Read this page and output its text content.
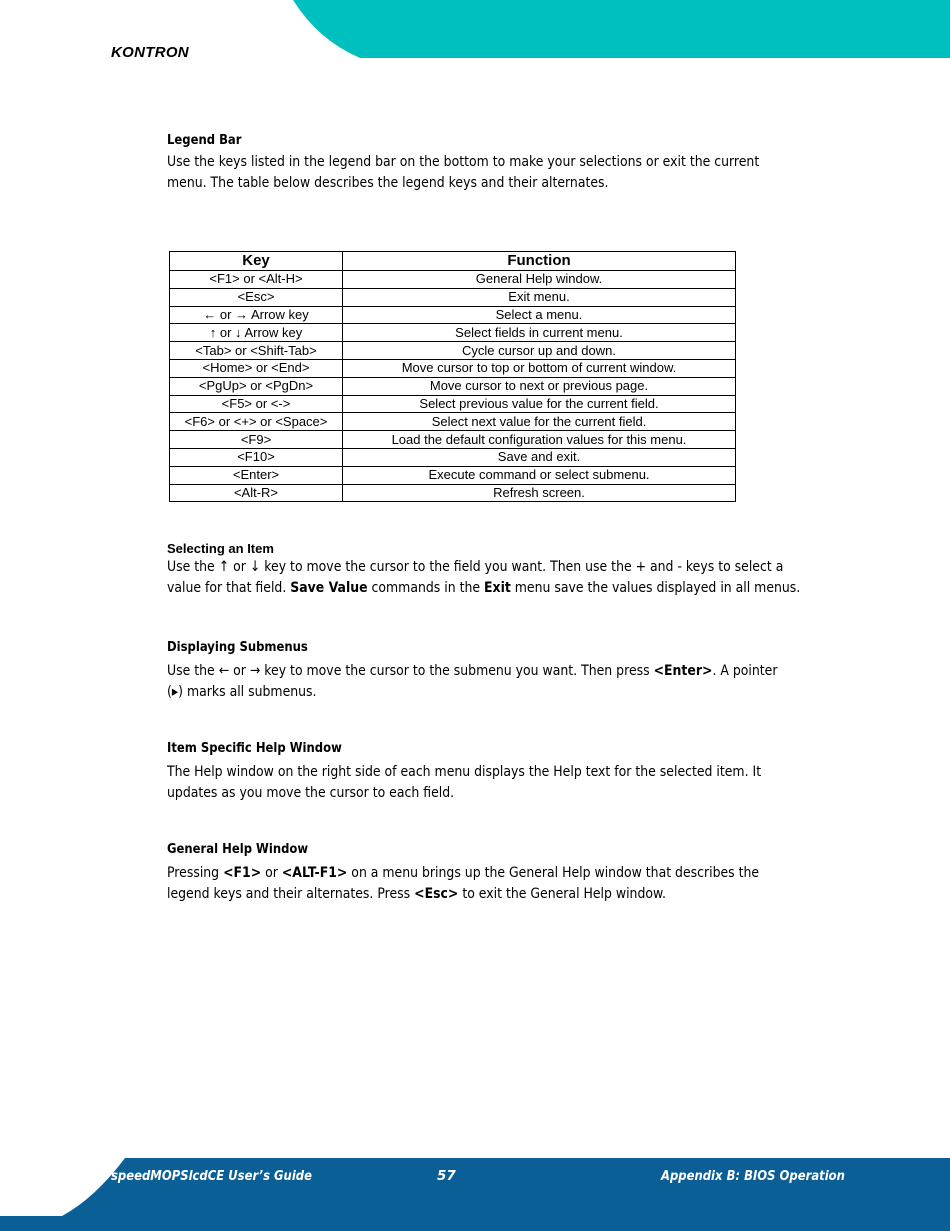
KONTRON
Legend Bar

Use the keys listed in the legend bar on the bottom to make your selections or exit the current
menu. The table below describes the legend keys and their alternates.

Key	Function
<F1> or <Alt-H>	General Help window.
<Esc>	Exit menu.
← or → Arrow key	Select a menu.
↑ or ↓ Arrow key	Select fields in current menu.
<Tab> or <Shift-Tab>	Cycle cursor up and down.
<Home> or <End>	Move cursor to top or bottom of current window.
<PgUp> or <PgDn>	Move cursor to next or previous page.
<F5> or <->	Select previous value for the current field.
<F6> or <+> or <Space>	Select next value for the current field.
<F9>	Load the default configuration values for this menu.
<F10>	Save and exit.
<Enter>	Execute command or select submenu.
<Alt-R>	Refresh screen.
Selecting an Item

Use the ↑ or ↓ key to move the cursor to the field you want. Then use the + and - keys to select a
value for that field. Save Value commands in the Exit menu save the values displayed in all menus.

Displaying Submenus

Use the ← or → key to move the cursor to the submenu you want. Then press <Enter>. A pointer
(▸) marks all submenus.

Item Specific Help Window

The Help window on the right side of each menu displays the Help text for the selected item. It
updates as you move the cursor to each field.

General Help Window

Pressing <F1> or <ALT-F1> on a menu brings up the General Help window that describes the
legend keys and their alternates. Press <Esc> to exit the General Help window.

speedMOPSlcdCE User’s Guide	57	Appendix B: BIOS Operation
